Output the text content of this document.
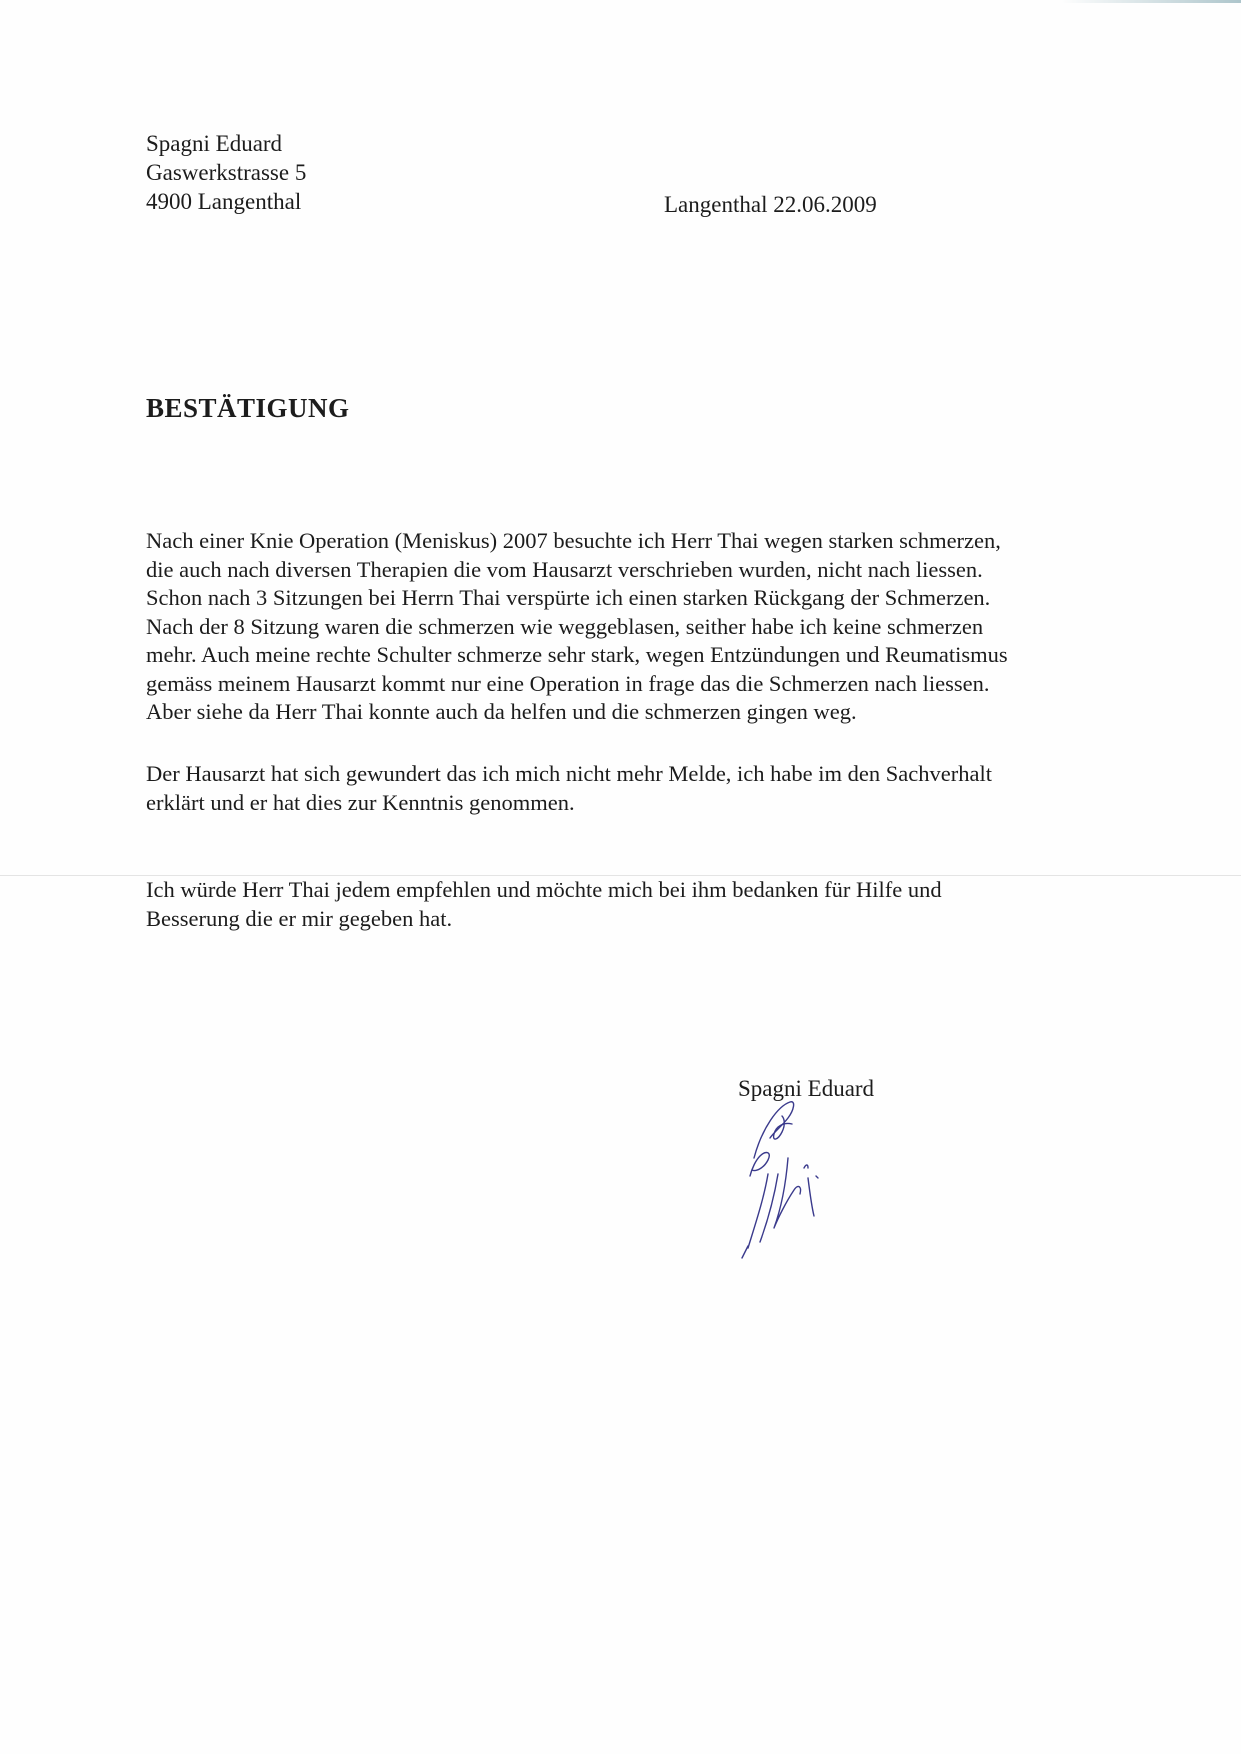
Spagni Eduard
Gaswerkstrasse 5
4900 Langenthal	Langenthal 22.06.2009
BESTÄTIGUNG
Nach einer Knie Operation (Meniskus) 2007 besuchte ich Herr Thai wegen starken schmerzen,
die auch nach diversen Therapien die vom Hausarzt verschrieben wurden, nicht nach liessen.
Schon nach 3 Sitzungen bei Herrn Thai verspürte ich einen starken Rückgang der Schmerzen.
Nach der 8 Sitzung waren die schmerzen wie weggeblasen, seither habe ich keine schmerzen
mehr. Auch meine rechte Schulter schmerze sehr stark, wegen Entzündungen und Reumatismus
gemäss meinem Hausarzt kommt nur eine Operation in frage das die Schmerzen nach liessen.
Aber siehe da Herr Thai konnte auch da helfen und die schmerzen gingen weg.
Der Hausarzt hat sich gewundert das ich mich nicht mehr Melde, ich habe im den Sachverhalt
erklärt und er hat dies zur Kenntnis genommen.
Ich würde Herr Thai jedem empfehlen und möchte mich bei ihm bedanken für Hilfe und
Besserung die er mir gegeben hat.
Spagni Eduard
